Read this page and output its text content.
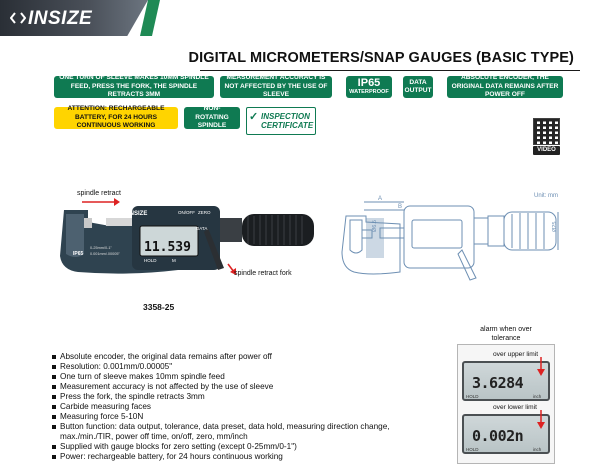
INSIZE
DIGITAL MICROMETERS/SNAP GAUGES (BASIC TYPE)
ONE TURN OF SLEEVE MAKES 10MM SPINDLE FEED, PRESS THE FORK, THE SPINDLE RETRACTS 3MM
MEASUREMENT ACCURACY IS NOT AFFECTED BY THE USE OF SLEEVE
IP65
WATERPROOF
DATA OUTPUT
ABSOLUTE ENCODER, THE ORIGINAL DATA REMAINS AFTER POWER OFF
ATTENTION: RECHARGEABLE BATTERY, FOR 24 HOURS CONTINUOUS WORKING
NON-ROTATING SPINDLE
INSPECTION CERTIFICATE
✓
VIDEO
spindle retract
INSIZE	ON/OFF ZERO
DATA
11.539
HOLD	M
IP65
0-25mm/0-1"
0.001mm/.00005"
spindle retract fork
3358-25
Unit: mm
A
B
Ø6.5	Ø25
Absolute encoder, the original data remains after power off
Resolution: 0.001mm/0.00005"
One turn of sleeve makes 10mm spindle feed
Measurement accuracy is not affected by the use of sleeve
Press the fork, the spindle retracts 3mm
Carbide measuring faces
Measuring force 5-10N
Button function: data output, tolerance, data preset, data hold, measuring direction change, max./min./TIR, power off time, on/off, zero, mm/inch
Supplied with gauge blocks for zero setting (except 0-25mm/0-1")
Power: rechargeable battery, for 24 hours continuous working
alarm when over tolerance
over upper limit
3.6284
HOLD	inch
over lower limit
0.002n
HOLD	inch
